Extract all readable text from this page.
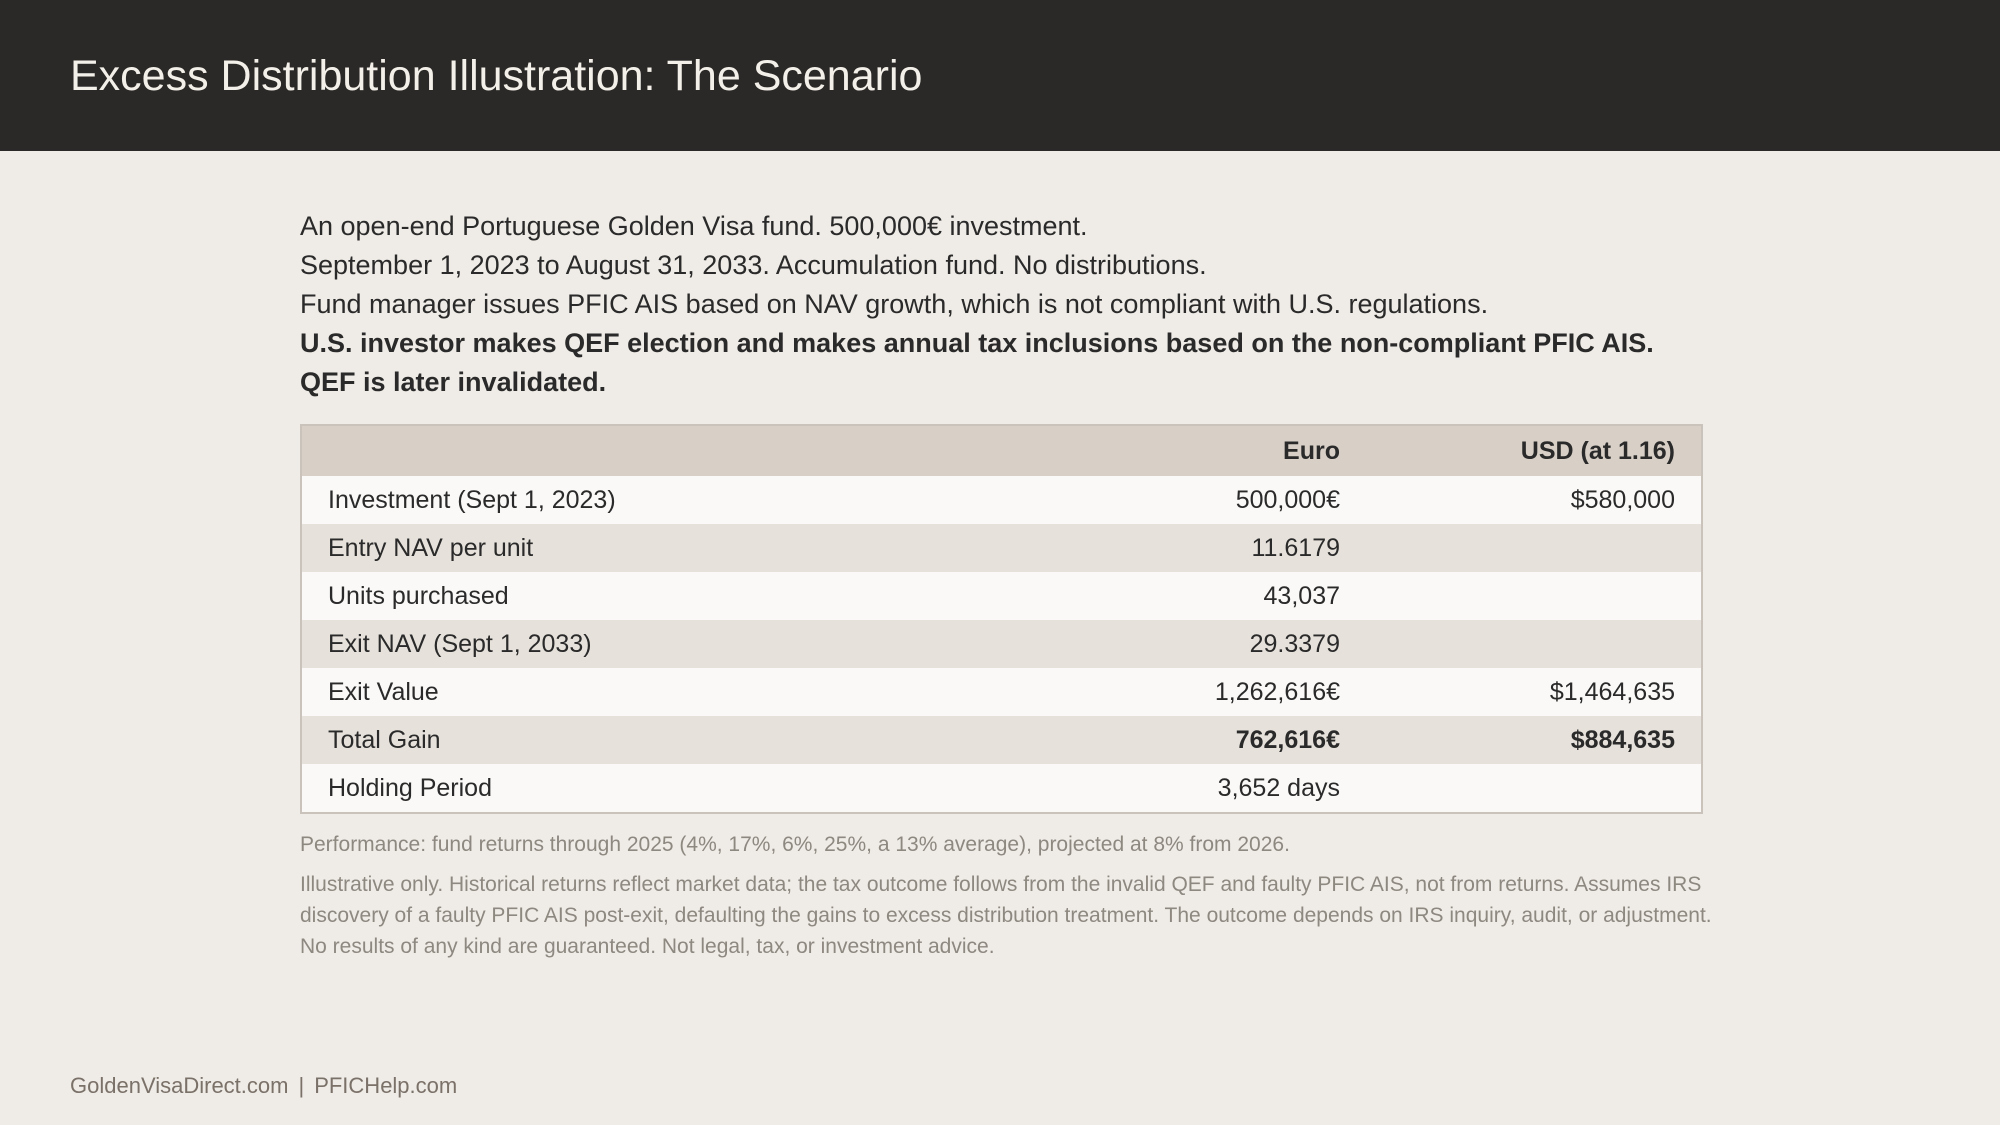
Excess Distribution Illustration: The Scenario
An open-end Portuguese Golden Visa fund. 500,000€ investment.
September 1, 2023 to August 31, 2033. Accumulation fund. No distributions.
Fund manager issues PFIC AIS based on NAV growth, which is not compliant with U.S. regulations.
U.S. investor makes QEF election and makes annual tax inclusions based on the non-compliant PFIC AIS.
QEF is later invalidated.
	Euro	USD (at 1.16)
Investment (Sept 1, 2023)	500,000€	$580,000
Entry NAV per unit	11.6179	
Units purchased	43,037	
Exit NAV (Sept 1, 2033)	29.3379	
Exit Value	1,262,616€	$1,464,635
Total Gain	762,616€	$884,635
Holding Period	3,652 days	
Performance: fund returns through 2025 (4%, 17%, 6%, 25%, a 13% average), projected at 8% from 2026.
Illustrative only. Historical returns reflect market data; the tax outcome follows from the invalid QEF and faulty PFIC AIS, not from returns. Assumes IRS discovery of a faulty PFIC AIS post-exit, defaulting the gains to excess distribution treatment. The outcome depends on IRS inquiry, audit, or adjustment. No results of any kind are guaranteed. Not legal, tax, or investment advice.
GoldenVisaDirect.com | PFICHelp.com
